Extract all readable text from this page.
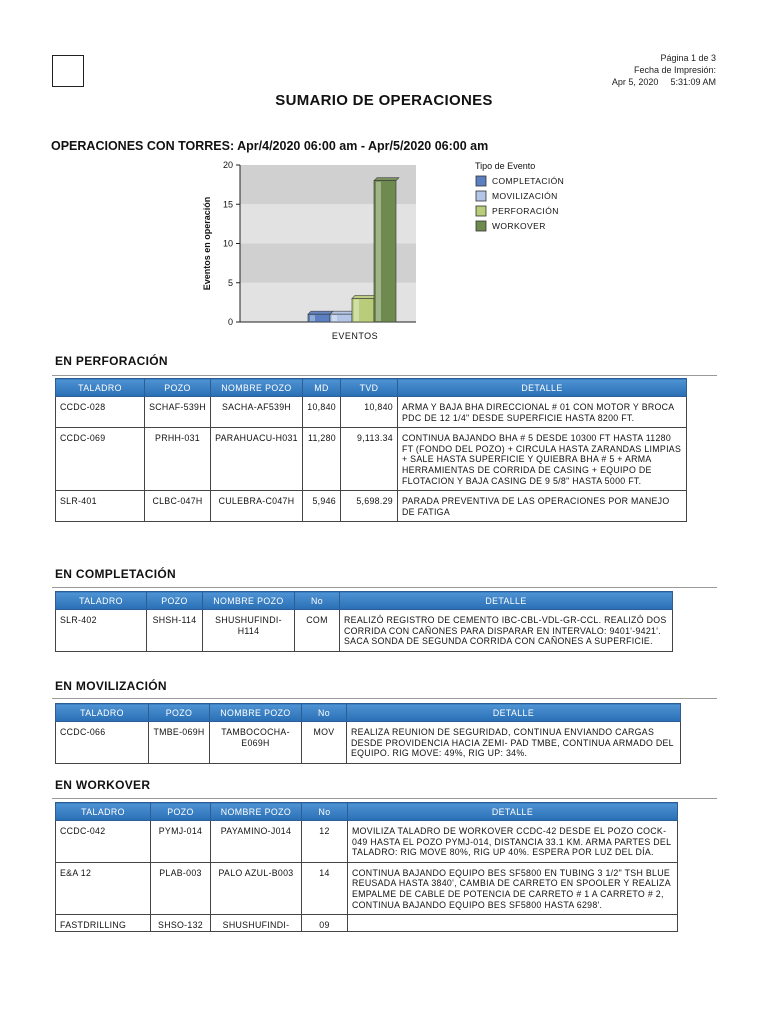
Página 1 de 3
Fecha de Impresión:
Apr 5, 2020 5:31:09 AM
SUMARIO DE OPERACIONES
OPERACIONES CON TORRES: Apr/4/2020 06:00 am - Apr/5/2020 06:00 am
0
5
10
15
20
Eventos en operación
EVENTOS
Tipo de Evento
COMPLETACIÓN
MOVILIZACIÓN
PERFORACIÓN
WORKOVER
EN PERFORACIÓN
TALADRO	POZO	NOMBRE POZO	MD	TVD	DETALLE
CCDC-028	SCHAF-539H	SACHA-AF539H	10,840	10,840	ARMA Y BAJA BHA DIRECCIONAL # 01 CON MOTOR Y BROCA PDC DE 12 1/4" DESDE SUPERFICIE HASTA 8200 FT.
CCDC-069	PRHH-031	PARAHUACU-H031	11,280	9,113.34	CONTINUA BAJANDO BHA # 5 DESDE 10300 FT HASTA 11280 FT (FONDO DEL POZO) + CIRCULA HASTA ZARANDAS LIMPIAS + SALE HASTA SUPERFICIE Y QUIEBRA BHA # 5 + ARMA HERRAMIENTAS DE CORRIDA DE CASING + EQUIPO DE FLOTACION Y BAJA CASING DE 9 5/8" HASTA 5000 FT.
SLR-401	CLBC-047H	CULEBRA-C047H	5,946	5,698.29	PARADA PREVENTIVA DE LAS OPERACIONES POR MANEJO DE FATIGA
EN COMPLETACIÓN
TALADRO	POZO	NOMBRE POZO	No	DETALLE
SLR-402	SHSH-114	SHUSHUFINDI-H114	COM	REALIZÓ REGISTRO DE CEMENTO IBC-CBL-VDL-GR-CCL. REALIZÓ DOS CORRIDA CON CAÑONES PARA DISPARAR EN INTERVALO: 9401'-9421'. SACA SONDA DE SEGUNDA CORRIDA CON CAÑONES A SUPERFICIE.
EN MOVILIZACIÓN
TALADRO	POZO	NOMBRE POZO	No	DETALLE
CCDC-066	TMBE-069H	TAMBOCOCHA-E069H	MOV	REALIZA REUNION DE SEGURIDAD, CONTINUA ENVIANDO CARGAS DESDE PROVIDENCIA HACIA ZEMI- PAD TMBE, CONTINUA ARMADO DEL EQUIPO. RIG MOVE: 49%, RIG UP: 34%.
EN WORKOVER
TALADRO	POZO	NOMBRE POZO	No	DETALLE
CCDC-042	PYMJ-014	PAYAMINO-J014	12	MOVILIZA TALADRO DE WORKOVER CCDC-42 DESDE EL POZO COCK-049 HASTA EL POZO PYMJ-014, DISTANCIA 33.1 KM. ARMA PARTES DEL TALADRO: RIG MOVE 80%, RIG UP 40%. ESPERA POR LUZ DEL DÍA.
E&A 12	PLAB-003	PALO AZUL-B003	14	CONTINUA BAJANDO EQUIPO BES SF5800 EN TUBING 3 1/2" TSH BLUE REUSADA HASTA 3840', CAMBIA DE CARRETO EN SPOOLER Y REALIZA EMPALME DE CABLE DE POTENCIA DE CARRETO # 1 A CARRETO # 2, CONTINUA BAJANDO EQUIPO BES SF5800 HASTA 6298'.
FASTDRILLING	SHSO-132	SHUSHUFINDI-	09	
